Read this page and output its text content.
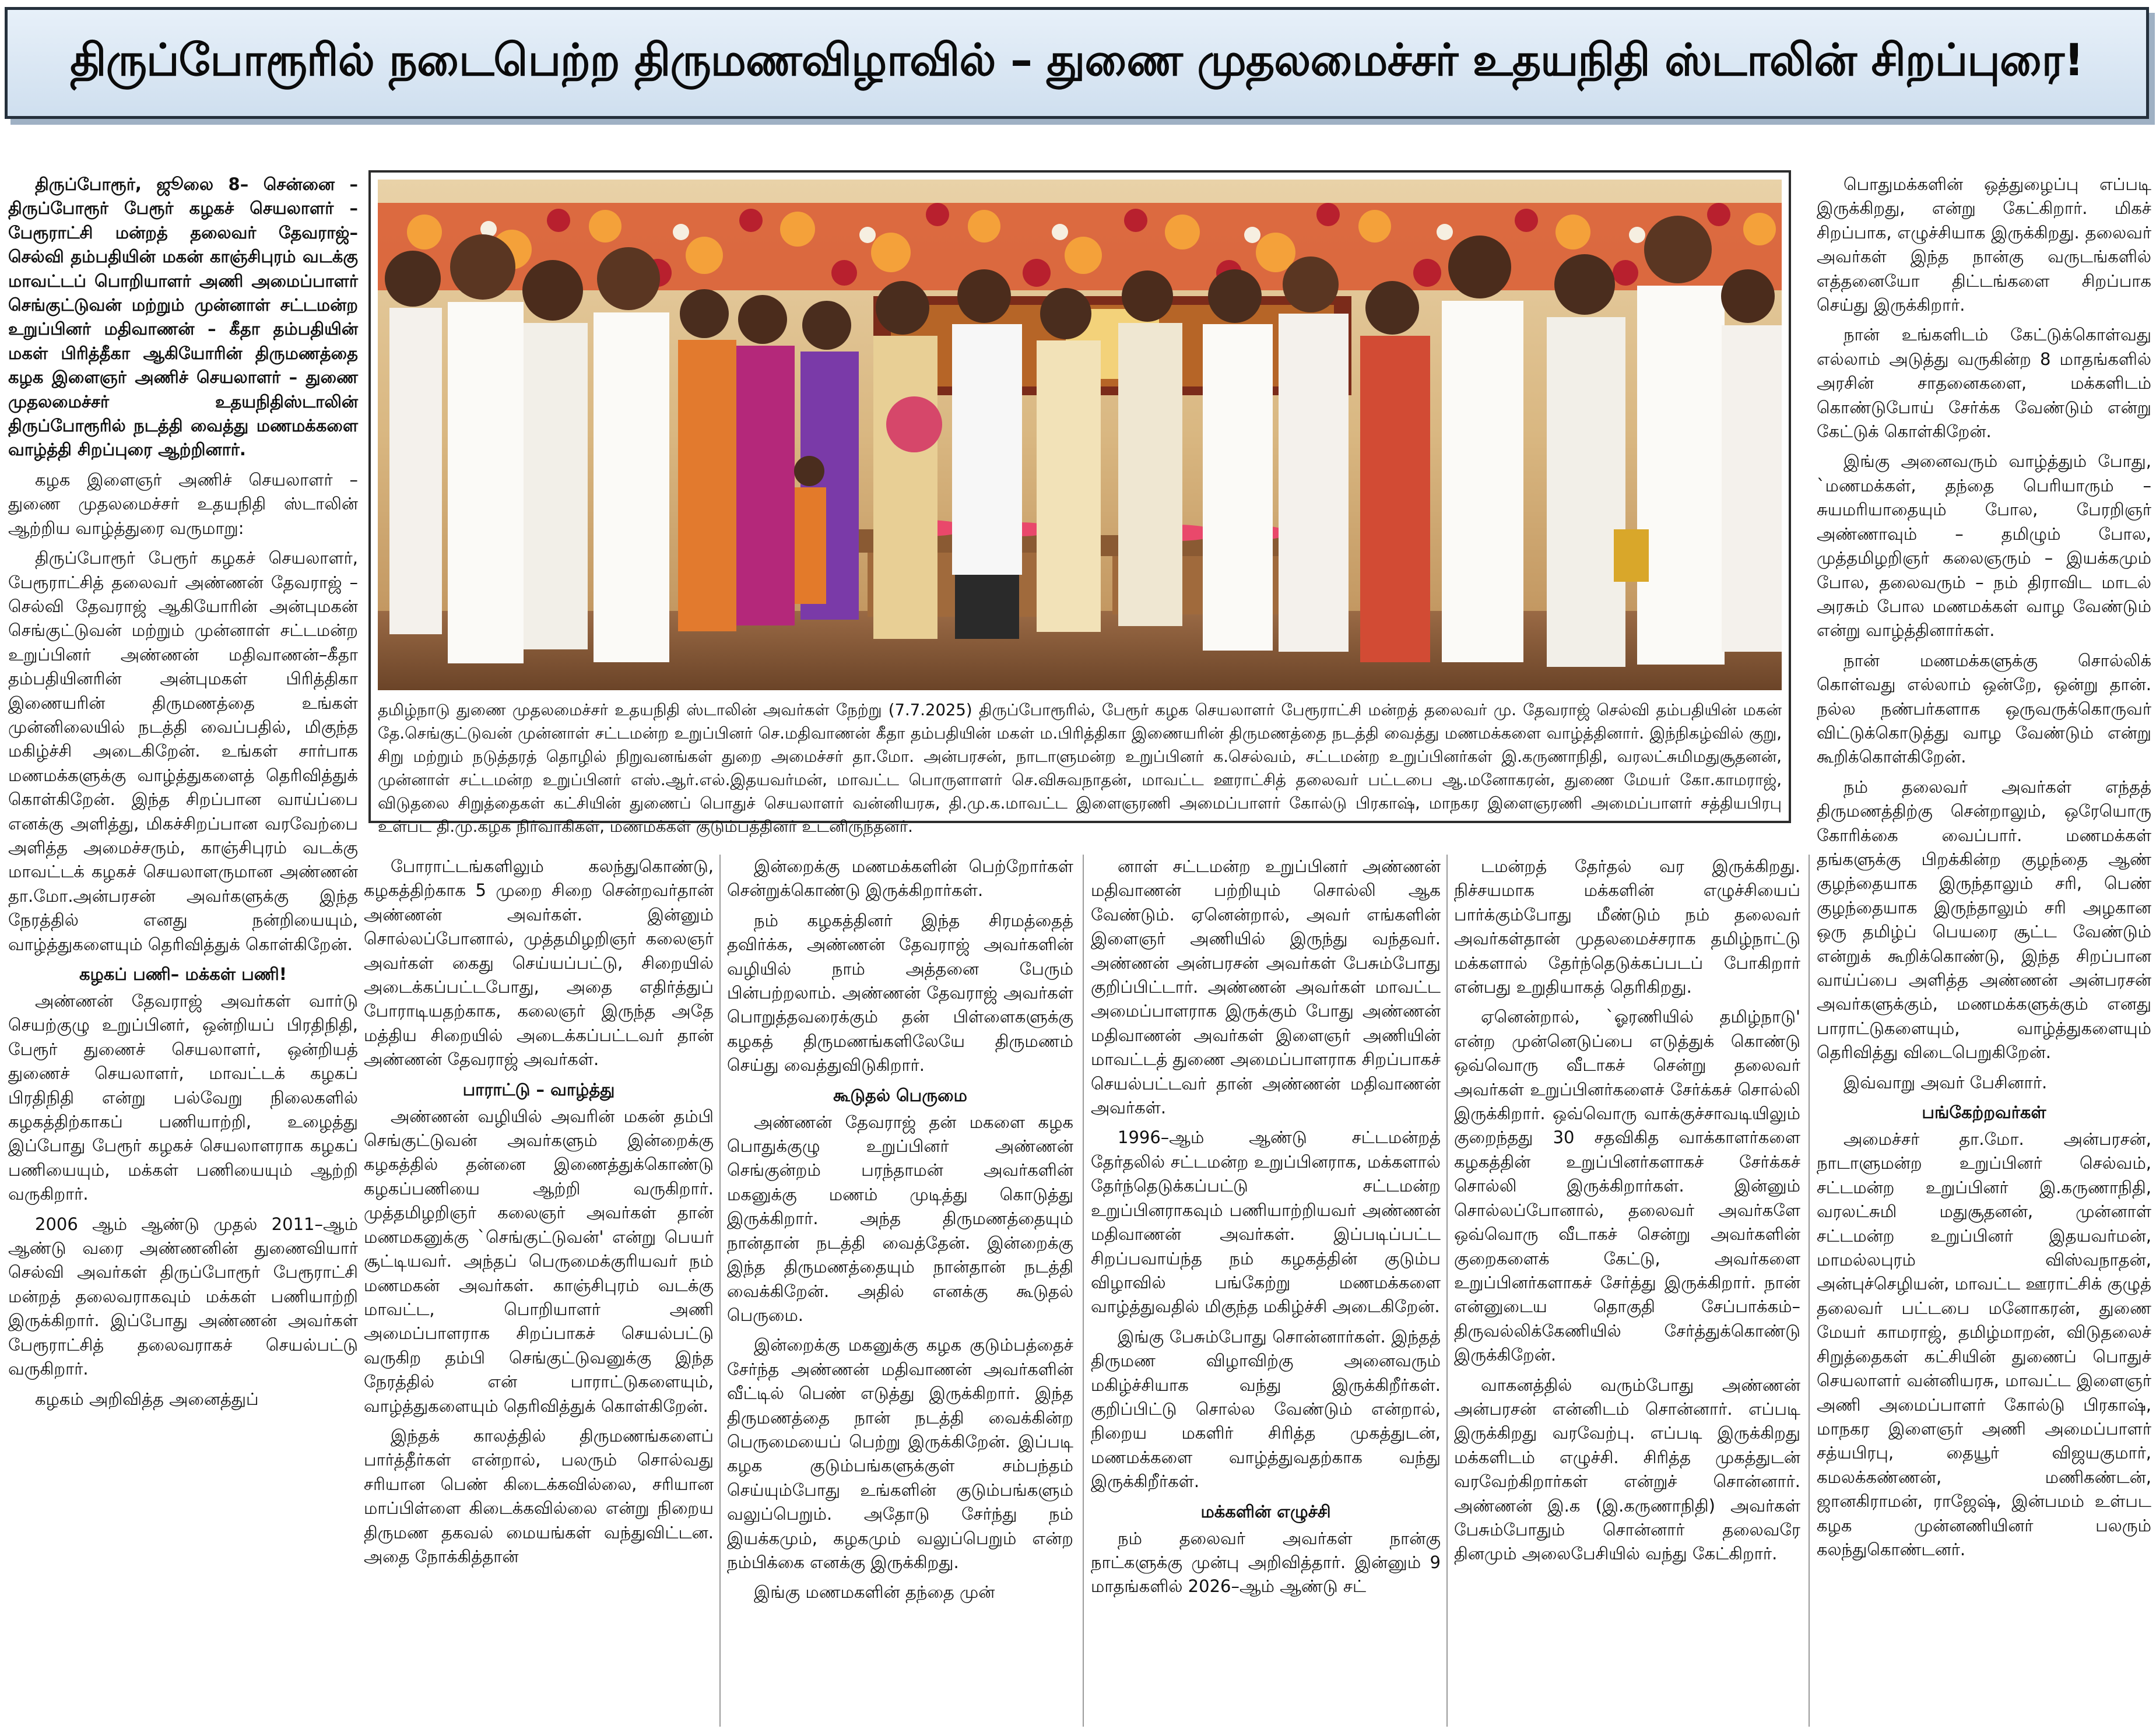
திருப்போரூரில் நடைபெற்ற திருமணவிழாவில் – துணை முதலமைச்சர் உதயநிதி ஸ்டாலின் சிறப்புரை!

திருப்போரூர், ஜூலை 8– சென்னை – திருப்போரூர் பேரூர் கழகச் செயலாளர் – பேரூராட்சி மன்றத் தலைவர் தேவராஜ்–செல்வி தம்பதியின் மகன் காஞ்சிபுரம் வடக்கு மாவட்டப் பொறியாளர் அணி அமைப்பாளர் செங்குட்டுவன் மற்றும் முன்னாள் சட்டமன்ற உறுப்பினர் மதிவாணன் – கீதா தம்பதியின் மகள் பிரித்தீகா ஆகியோரின் திருமணத்தை கழக இளைஞர் அணிச் செயலாளர் – துணை முதலமைச்சர் உதயநிதிஸ்டாலின் திருப்போரூரில் நடத்தி வைத்து மணமக்களை வாழ்த்தி சிறப்புரை ஆற்றினார்.

கழக இளைஞர் அணிச் செயலாளர் – துணை முதலமைச்சர் உதயநிதி ஸ்டாலின் ஆற்றிய வாழ்த்துரை வருமாறு:

திருப்போரூர் பேரூர் கழகச் செயலாளர், பேரூராட்சித் தலைவர் அண்ணன் தேவராஜ் – செல்வி தேவராஜ் ஆகியோரின் அன்புமகன் செங்குட்டுவன் மற்றும் முன்னாள் சட்டமன்ற உறுப்பினர் அண்ணன் மதிவாணன்–கீதா தம்பதியினரின் அன்புமகள் பிரித்திகா இணையரின் திருமணத்தை உங்கள் முன்னிலையில் நடத்தி வைப்பதில், மிகுந்த மகிழ்ச்சி அடைகிறேன். உங்கள் சார்பாக மணமக்களுக்கு வாழ்த்துகளைத் தெரிவித்துக் கொள்கிறேன். இந்த சிறப்பான வாய்ப்பை எனக்கு அளித்து, மிகச்சிறப்பான வரவேற்பை அளித்த அமைச்சரும், காஞ்சிபுரம் வடக்கு மாவட்டக் கழகச் செயலாளருமான அண்ணன் தா.மோ.அன்பரசன் அவர்களுக்கு இந்த நேரத்தில் எனது நன்றியையும், வாழ்த்துகளையும் தெரிவித்துக் கொள்கிறேன்.

கழகப் பணி– மக்கள் பணி!

அண்ணன் தேவராஜ் அவர்கள் வார்டு செயற்குழு உறுப்பினர், ஒன்றியப் பிரதிநிதி, பேரூர் துணைச் செயலாளர், ஒன்றியத் துணைச் செயலாளர், மாவட்டக் கழகப் பிரதிநிதி என்று பல்வேறு நிலைகளில் கழகத்திற்காகப் பணியாற்றி, உழைத்து இப்போது பேரூர் கழகச் செயலாளராக கழகப் பணியையும், மக்கள் பணியையும் ஆற்றி வருகிறார்.

2006 ஆம் ஆண்டு முதல் 2011–ஆம் ஆண்டு வரை அண்ணனின் துணைவியார் செல்வி அவர்கள் திருப்போரூர் பேரூராட்சி மன்றத் தலைவராகவும் மக்கள் பணியாற்றி இருக்கிறார். இப்போது அண்ணன் அவர்கள் பேரூராட்சித் தலைவராகச் செயல்பட்டு வருகிறார்.

கழகம் அறிவித்த அனைத்துப்

தமிழ்நாடு துணை முதலமைச்சர் உதயநிதி ஸ்டாலின் அவர்கள் நேற்று (7.7.2025) திருப்போரூரில், பேரூர் கழக செயலாளர் பேரூராட்சி மன்றத் தலைவர் மு. தேவராஜ் செல்வி தம்பதியின் மகன் தே.செங்குட்டுவன் முன்னாள் சட்டமன்ற உறுப்பினர் செ.மதிவாணன் கீதா தம்பதியின் மகள் ம.பிரித்திகா இணையரின் திருமணத்தை நடத்தி வைத்து மணமக்களை வாழ்த்தினார். இந்நிகழ்வில் குறு, சிறு மற்றும் நடுத்தரத் தொழில் நிறுவனங்கள் துறை அமைச்சர் தா.மோ. அன்பரசன், நாடாளுமன்ற உறுப்பினர் க.செல்வம், சட்டமன்ற உறுப்பினர்கள் இ.கருணாநிதி, வரலட்சுமிமதுசூதனன், முன்னாள் சட்டமன்ற உறுப்பினர் எஸ்.ஆர்.எல்.இதயவர்மன், மாவட்ட பொருளாளர் செ.விசுவநாதன், மாவட்ட ஊராட்சித் தலைவர் பட்டபை ஆ.மனோகரன், துணை மேயர் கோ.காமராஜ், விடுதலை சிறுத்தைகள் கட்சியின் துணைப் பொதுச் செயலாளர் வன்னியரசு, தி.மு.க.மாவட்ட இளைஞரணி அமைப்பாளர் கோல்டு பிரகாஷ், மாநகர இளைஞரணி அமைப்பாளர் சத்தியபிரபு உள்பட தி.மு.கழக நிர்வாகிகள், மணமக்கள் குடும்பத்தினர் உடனிருந்தனர்.

போராட்டங்களிலும் கலந்துகொண்டு, கழகத்திற்காக 5 முறை சிறை சென்றவர்தான் அண்ணன் அவர்கள். இன்னும் சொல்லப்போனால், முத்தமிழறிஞர் கலைஞர் அவர்கள் கைது செய்யப்பட்டு, சிறையில் அடைக்கப்பட்டபோது, அதை எதிர்த்துப் போராடியதற்காக, கலைஞர் இருந்த அதே மத்திய சிறையில் அடைக்கப்பட்டவர் தான் அண்ணன் தேவராஜ் அவர்கள்.

பாராட்டு – வாழ்த்து

அண்ணன் வழியில் அவரின் மகன் தம்பி செங்குட்டுவன் அவர்களும் இன்றைக்கு கழகத்தில் தன்னை இணைத்துக்கொண்டு கழகப்பணியை ஆற்றி வருகிறார். முத்தமிழறிஞர் கலைஞர் அவர்கள் தான் மணமகனுக்கு `செங்குட்டுவன்' என்று பெயர் சூட்டியவர். அந்தப் பெருமைக்குரியவர் நம் மணமகன் அவர்கள். காஞ்சிபுரம் வடக்கு மாவட்ட, பொறியாளர் அணி அமைப்பாளராக சிறப்பாகச் செயல்பட்டு வருகிற தம்பி செங்குட்டுவனுக்கு இந்த நேரத்தில் என் பாராட்டுகளையும், வாழ்த்துகளையும் தெரிவித்துக் கொள்கிறேன்.

இந்தக் காலத்தில் திருமணங்களைப் பார்த்தீர்கள் என்றால், பலரும் சொல்வது சரியான பெண் கிடைக்கவில்லை, சரியான மாப்பிள்ளை கிடைக்கவில்லை என்று நிறைய திருமண தகவல் மையங்கள் வந்துவிட்டன. அதை நோக்கித்தான்

இன்றைக்கு மணமக்களின் பெற்றோர்கள் சென்றுக்கொண்டு இருக்கிறார்கள்.

நம் கழகத்தினர் இந்த சிரமத்தைத் தவிர்க்க, அண்ணன் தேவராஜ் அவர்களின் வழியில் நாம் அத்தனை பேரும் பின்பற்றலாம். அண்ணன் தேவராஜ் அவர்கள் பொறுத்தவரைக்கும் தன் பிள்ளைகளுக்கு கழகத் திருமணங்களிலேயே திருமணம் செய்து வைத்துவிடுகிறார்.

கூடுதல் பெருமை

அண்ணன் தேவராஜ் தன் மகளை கழக பொதுக்குழு உறுப்பினர் அண்ணன் செங்குன்றம் பரந்தாமன் அவர்களின் மகனுக்கு மணம் முடித்து கொடுத்து இருக்கிறார். அந்த திருமணத்தையும் நான்தான் நடத்தி வைத்தேன். இன்றைக்கு இந்த திருமணத்தையும் நான்தான் நடத்தி வைக்கிறேன். அதில் எனக்கு கூடுதல் பெருமை.

இன்றைக்கு மகனுக்கு கழக குடும்பத்தைச் சேர்ந்த அண்ணன் மதிவாணன் அவர்களின் வீட்டில் பெண் எடுத்து இருக்கிறார். இந்த திருமணத்தை நான் நடத்தி வைக்கின்ற பெருமையைப் பெற்று இருக்கிறேன். இப்படி கழக குடும்பங்களுக்குள் சம்பந்தம் செய்யும்போது உங்களின் குடும்பங்களும் வலுப்பெறும். அதோடு சேர்ந்து நம் இயக்கமும், கழகமும் வலுப்பெறும் என்ற நம்பிக்கை எனக்கு இருக்கிறது.

இங்கு மணமகளின் தந்தை முன்

னாள் சட்டமன்ற உறுப்பினர் அண்ணன் மதிவாணன் பற்றியும் சொல்லி ஆக வேண்டும். ஏனென்றால், அவர் எங்களின் இளைஞர் அணியில் இருந்து வந்தவர். அண்ணன் அன்பரசன் அவர்கள் பேசும்போது குறிப்பிட்டார். அண்ணன் அவர்கள் மாவட்ட அமைப்பாளராக இருக்கும் போது அண்ணன் மதிவாணன் அவர்கள் இளைஞர் அணியின் மாவட்டத் துணை அமைப்பாளராக சிறப்பாகச் செயல்பட்டவர் தான் அண்ணன் மதிவாணன் அவர்கள்.

1996–ஆம் ஆண்டு சட்டமன்றத் தேர்தலில் சட்டமன்ற உறுப்பினராக, மக்களால் தேர்ந்தெடுக்கப்பட்டு சட்டமன்ற உறுப்பினராகவும் பணியாற்றியவர் அண்ணன் மதிவாணன் அவர்கள். இப்படிப்பட்ட சிறப்பவாய்ந்த நம் கழகத்தின் குடும்ப விழாவில் பங்கேற்று மணமக்களை வாழ்த்துவதில் மிகுந்த மகிழ்ச்சி அடைகிறேன்.

இங்கு பேசும்போது சொன்னார்கள். இந்தத் திருமண விழாவிற்கு அனைவரும் மகிழ்ச்சியாக வந்து இருக்கிறீர்கள். குறிப்பிட்டு சொல்ல வேண்டும் என்றால், நிறைய மகளிர் சிரித்த முகத்துடன், மணமக்களை வாழ்த்துவதற்காக வந்து இருக்கிறீர்கள்.

மக்களின் எழுச்சி

நம் தலைவர் அவர்கள் நான்கு நாட்களுக்கு முன்பு அறிவித்தார். இன்னும் 9 மாதங்களில் 2026–ஆம் ஆண்டு சட்

டமன்றத் தேர்தல் வர இருக்கிறது. நிச்சயமாக மக்களின் எழுச்சியைப் பார்க்கும்போது மீண்டும் நம் தலைவர் அவர்கள்தான் முதலமைச்சராக தமிழ்நாட்டு மக்களால் தேர்ந்தெடுக்கப்படப் போகிறார் என்பது உறுதியாகத் தெரிகிறது.

ஏனென்றால், `ஓரணியில் தமிழ்நாடு' என்ற முன்னெடுப்பை எடுத்துக் கொண்டு ஒவ்வொரு வீடாகச் சென்று தலைவர் அவர்கள் உறுப்பினர்களைச் சேர்க்கச் சொல்லி இருக்கிறார். ஒவ்வொரு வாக்குச்சாவடியிலும் குறைந்தது 30 சதவிகித வாக்காளர்களை கழகத்தின் உறுப்பினர்களாகச் சேர்க்கச் சொல்லி இருக்கிறார்கள். இன்னும் சொல்லப்போனால், தலைவர் அவர்களே ஒவ்வொரு வீடாகச் சென்று அவர்களின் குறைகளைக் கேட்டு, அவர்களை உறுப்பினர்களாகச் சேர்த்து இருக்கிறார். நான் என்னுடைய தொகுதி சேப்பாக்கம்–திருவல்லிக்கேணியில் சேர்த்துக்கொண்டு இருக்கிறேன்.

வாகனத்தில் வரும்போது அண்ணன் அன்பரசன் என்னிடம் சொன்னார். எப்படி இருக்கிறது வரவேற்பு. எப்படி இருக்கிறது மக்களிடம் எழுச்சி. சிரித்த முகத்துடன் வரவேற்கிறார்கள் என்றுச் சொன்னார். அண்ணன் இ.க (இ.கருணாநிதி) அவர்கள் பேசும்போதும் சொன்னார் தலைவரே தினமும் அலைபேசியில் வந்து கேட்கிறார்.

பொதுமக்களின் ஒத்துழைப்பு எப்படி இருக்கிறது, என்று கேட்கிறார். மிகச் சிறப்பாக, எழுச்சியாக இருக்கிறது. தலைவர் அவர்கள் இந்த நான்கு வருடங்களில் எத்தனையோ திட்டங்களை சிறப்பாக செய்து இருக்கிறார்.

நான் உங்களிடம் கேட்டுக்கொள்வது எல்லாம் அடுத்து வருகின்ற 8 மாதங்களில் அரசின் சாதனைகளை, மக்களிடம் கொண்டுபோய் சேர்க்க வேண்டும் என்று கேட்டுக் கொள்கிறேன்.

இங்கு அனைவரும் வாழ்த்தும் போது, `மணமக்கள், தந்தை பெரியாரும் – சுயமரியாதையும் போல, பேரறிஞர் அண்ணாவும் – தமிழும் போல, முத்தமிழறிஞர் கலைஞரும் – இயக்கமும் போல, தலைவரும் – நம் திராவிட மாடல் அரசும் போல மணமக்கள் வாழ வேண்டும் என்று வாழ்த்தினார்கள்.

நான் மணமக்களுக்கு சொல்லிக் கொள்வது எல்லாம் ஒன்றே, ஒன்று தான். நல்ல நண்பர்களாக ஒருவருக்கொருவர் விட்டுக்கொடுத்து வாழ வேண்டும் என்று கூறிக்கொள்கிறேன்.

நம் தலைவர் அவர்கள் எந்தத் திருமணத்திற்கு சென்றாலும், ஒரேயொரு கோரிக்கை வைப்பார். மணமக்கள் தங்களுக்கு பிறக்கின்ற குழந்தை ஆண் குழந்தையாக இருந்தாலும் சரி, பெண் குழந்தையாக இருந்தாலும் சரி அழகான ஒரு தமிழ்ப் பெயரை சூட்ட வேண்டும் என்றுக் கூறிக்கொண்டு, இந்த சிறப்பான வாய்ப்பை அளித்த அண்ணன் அன்பரசன் அவர்களுக்கும், மணமக்களுக்கும் எனது பாராட்டுகளையும், வாழ்த்துகளையும் தெரிவித்து விடைபெறுகிறேன்.

இவ்வாறு அவர் பேசினார்.

பங்கேற்றவர்கள்

அமைச்சர் தா.மோ. அன்பரசன், நாடாளுமன்ற உறுப்பினர் செல்வம், சட்டமன்ற உறுப்பினர் இ.கருணாநிதி, வரலட்சுமி மதுசூதனன், முன்னாள் சட்டமன்ற உறுப்பினர் இதயவர்மன், மாமல்லபுரம் விஸ்வநாதன், அன்புச்செழியன், மாவட்ட ஊராட்சிக் குழுத் தலைவர் பட்டபை மனோகரன், துணை மேயர் காமராஜ், தமிழ்மாறன், விடுதலைச் சிறுத்தைகள் கட்சியின் துணைப் பொதுச் செயலாளர் வன்னியரசு, மாவட்ட இளைஞர் அணி அமைப்பாளர் கோல்டு பிரகாஷ், மாநகர இளைஞர் அணி அமைப்பாளர் சத்யபிரபு, தையூர் விஜயகுமார், கமலக்கண்ணன், மணிகண்டன், ஜானகிராமன், ராஜேஷ், இன்பமம் உள்பட கழக முன்னணியினர் பலரும் கலந்துகொண்டனர்.
